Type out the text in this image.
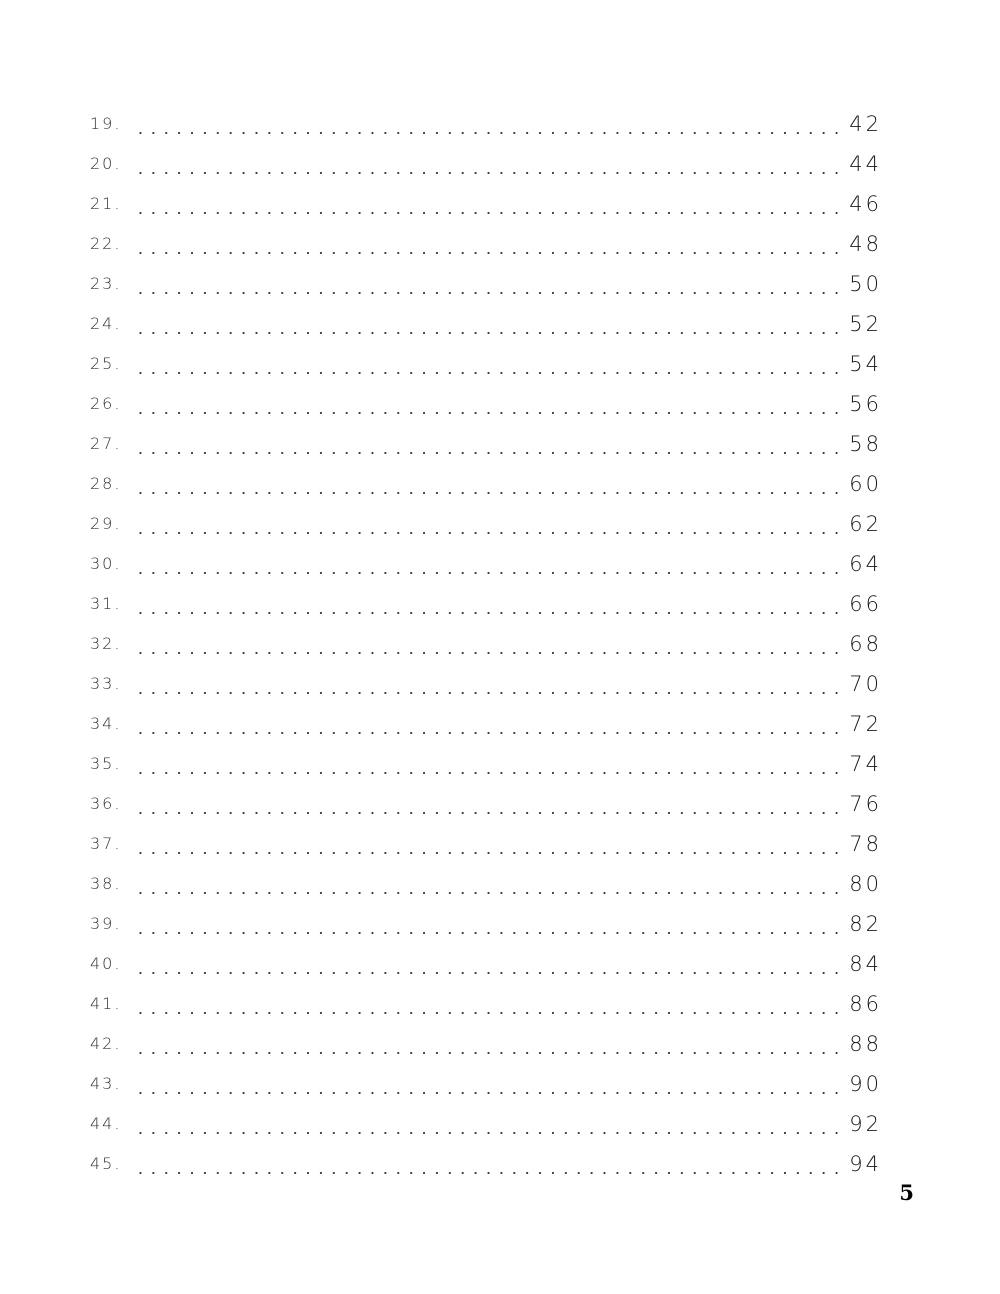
19.	42
20.	44
21.	46
22.	48
23.	50
24.	52
25.	54
26.	56
27.	58
28.	60
29.	62
30.	64
31.	66
32.	68
33.	70
34.	72
35.	74
36.	76
37.	78
38.	80
39.	82
40.	84
41.	86
42.	88
43.	90
44.	92
45.	94
5
